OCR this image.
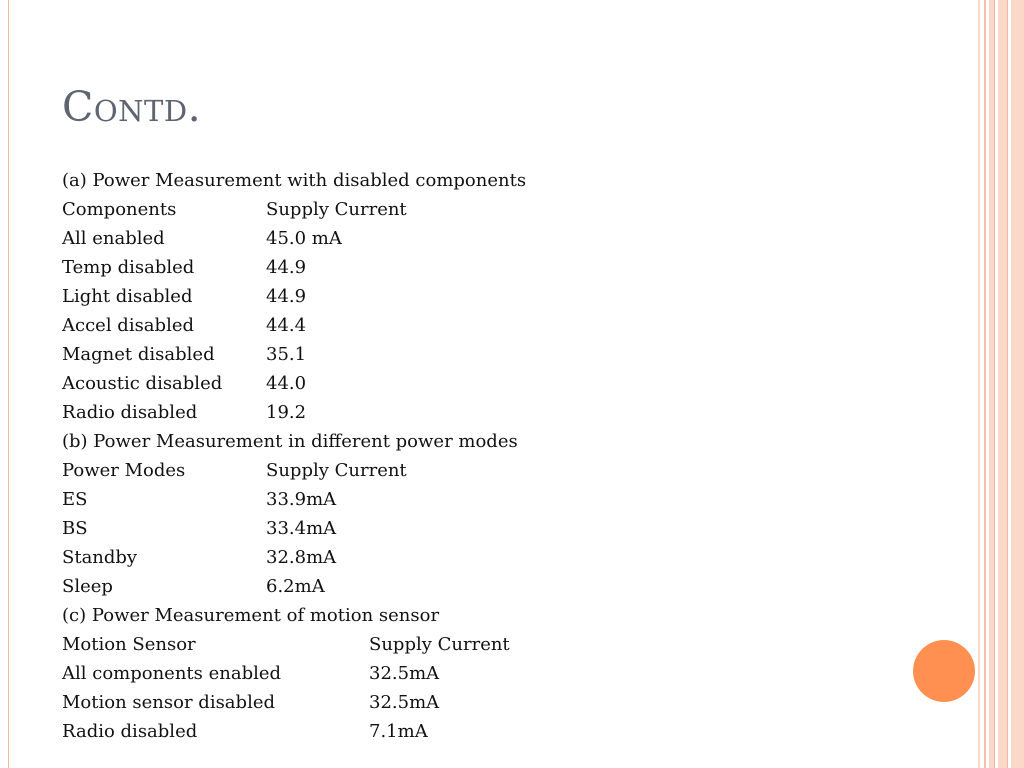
Contd.
(a) Power Measurement with disabled components
Components	Supply Current
All enabled	45.0 mA
Temp disabled	44.9
Light disabled	44.9
Accel disabled	44.4
Magnet disabled	35.1
Acoustic disabled 44.0
Radio disabled	19.2
(b) Power Measurement in different power modes
Power Modes	Supply Current
ES	33.9mA
BS	33.4mA
Standby	32.8mA
Sleep	6.2mA
(c) Power Measurement of motion sensor
Motion Sensor	Supply Current
All components enabled	32.5mA
Motion sensor disabled	32.5mA
Radio disabled	7.1mA
